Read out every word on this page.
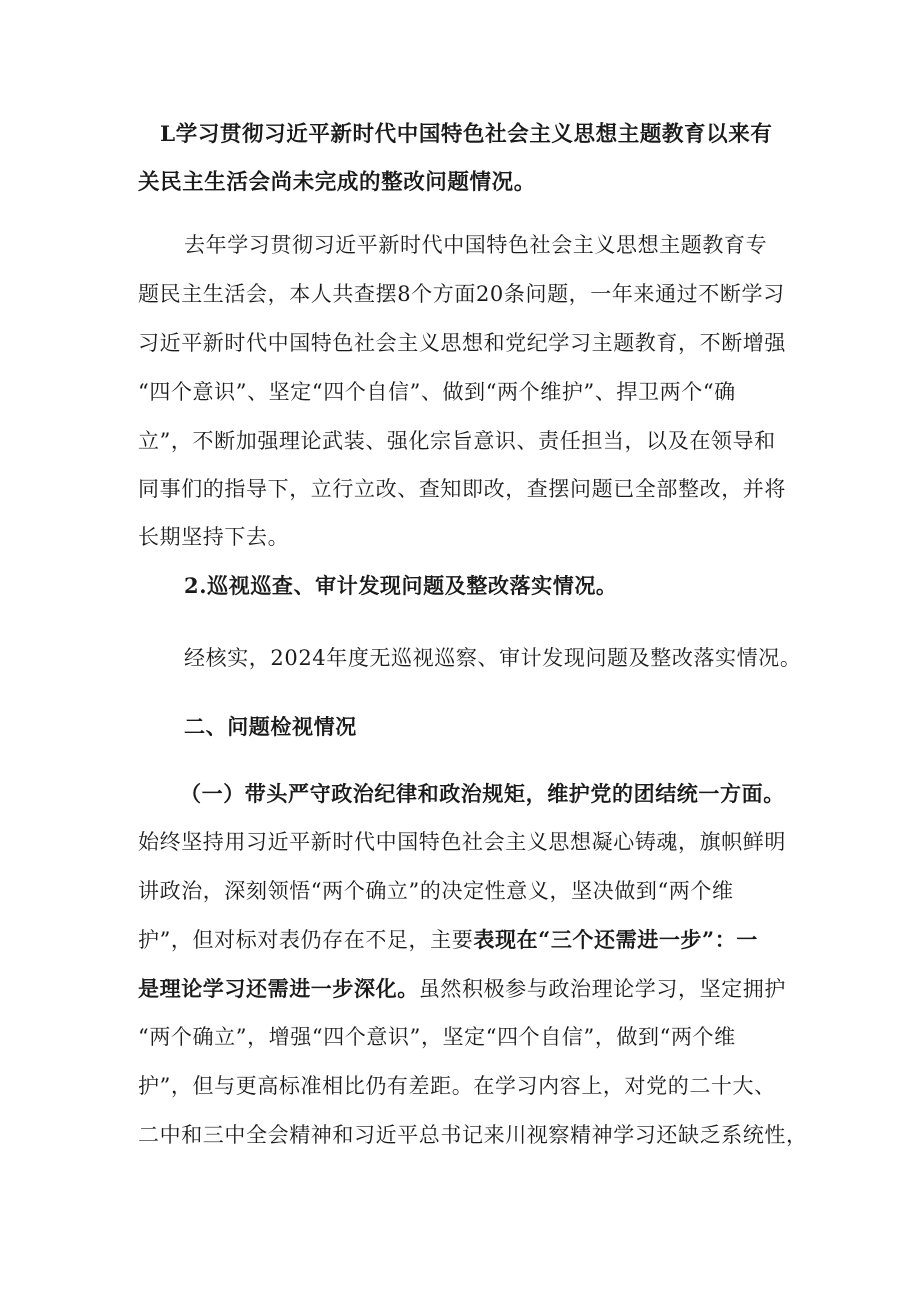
L学习贯彻习近平新时代中国特色社会主义思想主题教育以来有
关民主生活会尚未完成的整改问题情况。
去年学习贯彻习近平新时代中国特色社会主义思想主题教育专
题民主生活会，本人共查摆8个方面20条问题，一年来通过不断学习
习近平新时代中国特色社会主义思想和党纪学习主题教育，不断增强
“四个意识”、坚定“四个自信”、做到“两个维护”、捍卫两个“确
立”，不断加强理论武装、强化宗旨意识、责任担当，以及在领导和
同事们的指导下，立行立改、查知即改，查摆问题已全部整改，并将
长期坚持下去。
2.巡视巡查、审计发现问题及整改落实情况。
经核实，2024年度无巡视巡察、审计发现问题及整改落实情况。
二、问题检视情况
（一）带头严守政治纪律和政治规矩，维护党的团结统一方面。
始终坚持用习近平新时代中国特色社会主义思想凝心铸魂，旗帜鲜明
讲政治，深刻领悟“两个确立”的决定性意义，坚决做到“两个维
护”，但对标对表仍存在不足，主要表现在“三个还需进一步”：一
是理论学习还需进一步深化。虽然积极参与政治理论学习，坚定拥护
“两个确立”，增强“四个意识”，坚定“四个自信”，做到“两个维
护”，但与更高标准相比仍有差距。在学习内容上，对党的二十大、
二中和三中全会精神和习近平总书记来川视察精神学习还缺乏系统性，
